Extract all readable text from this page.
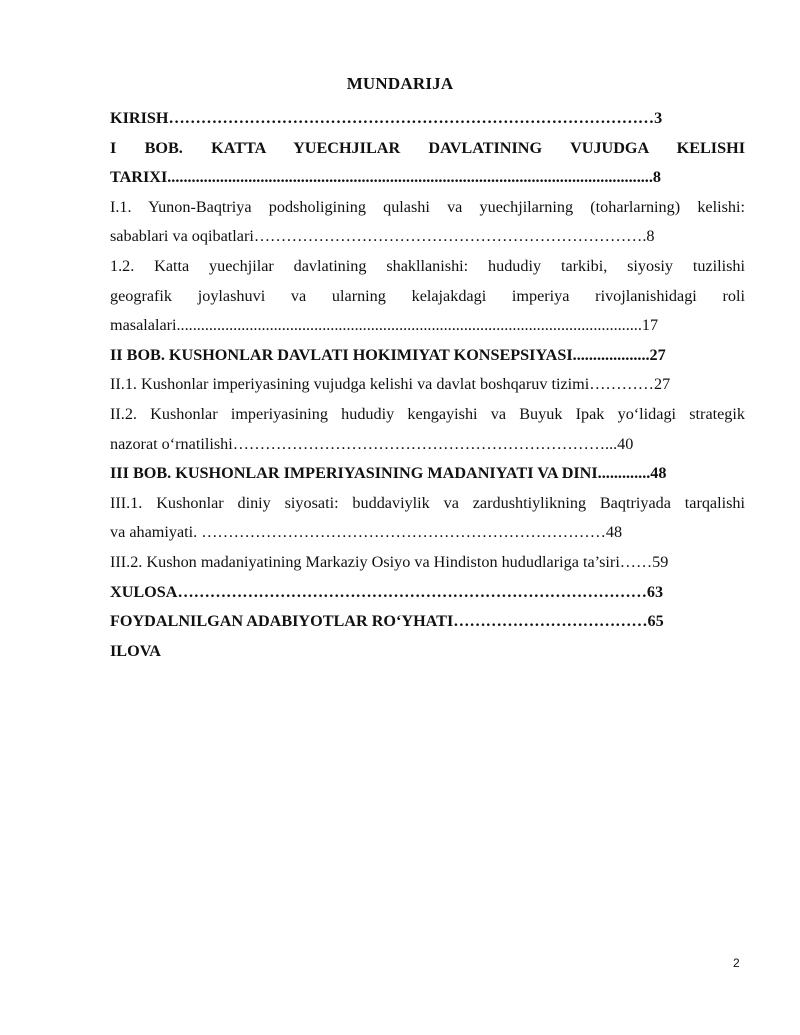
MUNDARIJA
KIRISH………………………………………………………………………………3
I BOB. KATTA YUECHJILAR DAVLATINING VUJUDGA KELISHI
TARIXI........................................................................................................................8
I.1. Yunon-Baqtriya podsholigining qulashi va yuechjilarning (toharlarning) kelishi:
sabablari va oqibatlari……………………………………………………………….8
1.2. Katta yuechjilar davlatining shakllanishi: hududiy tarkibi, siyosiy tuzilishi
geografik joylashuvi va ularning kelajakdagi imperiya rivojlanishidagi roli
masalalari...................................................................................................................17
II BOB. KUSHONLAR DAVLATI HOKIMIYAT KONSEPSIYASI...................27
II.1. Kushonlar imperiyasining vujudga kelishi va davlat boshqaruv tizimi…………27
II.2. Kushonlar imperiyasining hududiy kengayishi va Buyuk Ipak yo‘lidagi strategik
nazorat o‘rnatilishi……………………………………………………………...40
III BOB. KUSHONLAR IMPERIYASINING MADANIYATI VA DINI.............48
III.1. Kushonlar diniy siyosati: buddaviylik va zardushtiylikning Baqtriyada tarqalishi
va ahamiyati. …………………………………………………………………48
III.2. Kushon madaniyatining Markaziy Osiyo va Hindiston hududlariga ta’siri……59
XULOSA……………………………………………………………………………63
FOYDALNILGAN ADABIYOTLAR RO‘YHATI………………………………65
ILOVA
2
